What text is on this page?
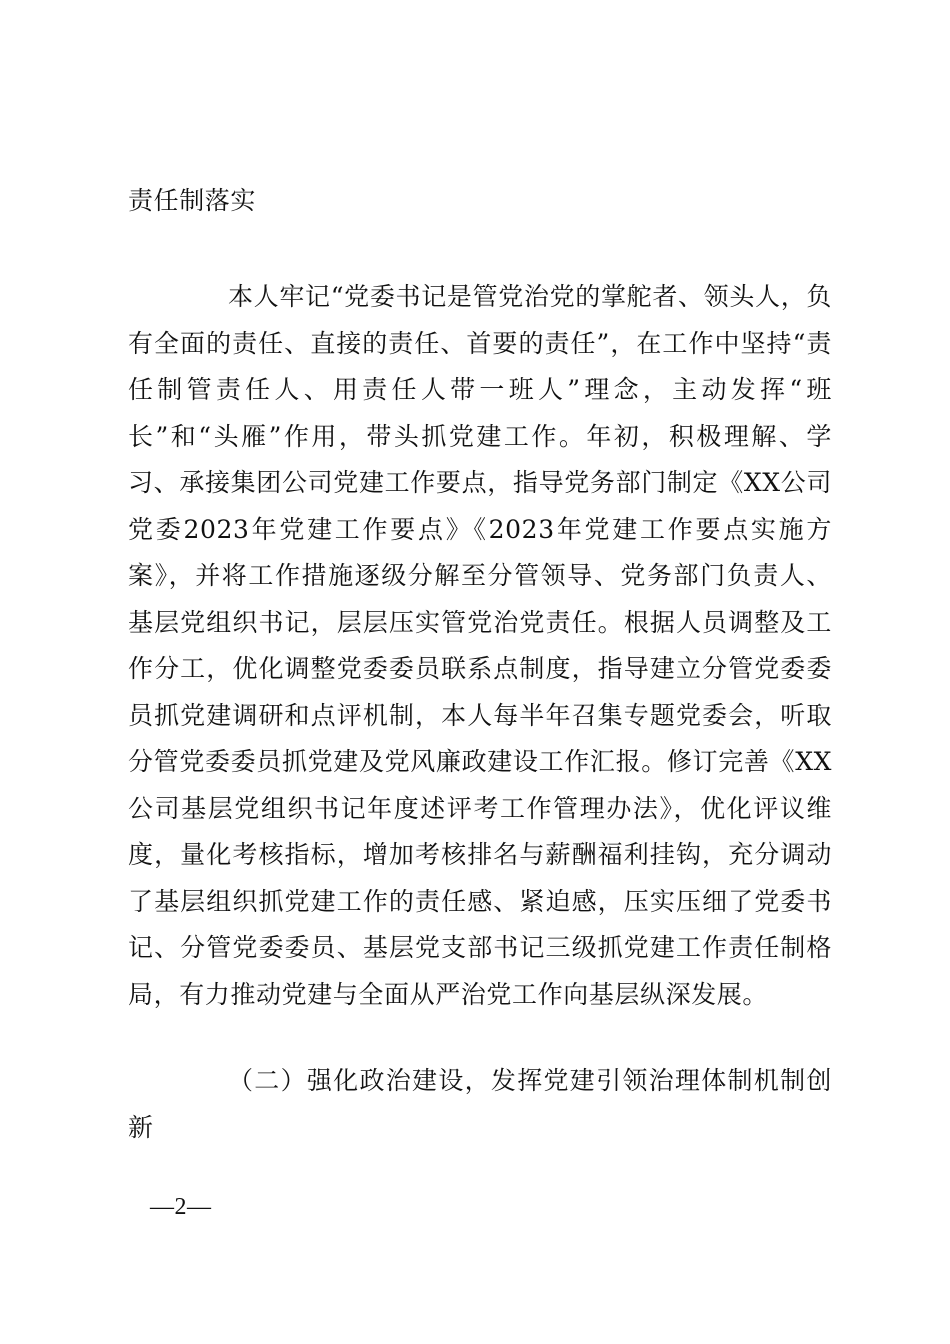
责任制落实

本人牢记“党委书记是管党治党的掌舵者、领头人，负有全面的责任、直接的责任、首要的责任”，在工作中坚持“责任制管责任人、用责任人带一班人”理念，主动发挥“班长”和“头雁”作用，带头抓党建工作。年初，积极理解、学习、承接集团公司党建工作要点，指导党务部门制定《XX公司党委2023年党建工作要点》《2023年党建工作要点实施方案》，并将工作措施逐级分解至分管领导、党务部门负责人、基层党组织书记，层层压实管党治党责任。根据人员调整及工作分工，优化调整党委委员联系点制度，指导建立分管党委委员抓党建调研和点评机制，本人每半年召集专题党委会，听取分管党委委员抓党建及党风廉政建设工作汇报。修订完善《XX公司基层党组织书记年度述评考工作管理办法》，优化评议维度，量化考核指标，增加考核排名与薪酬福利挂钩，充分调动了基层组织抓党建工作的责任感、紧迫感，压实压细了党委书记、分管党委委员、基层党支部书记三级抓党建工作责任制格局，有力推动党建与全面从严治党工作向基层纵深发展。

（二）强化政治建设，发挥党建引领治理体制机制创新

—2—
